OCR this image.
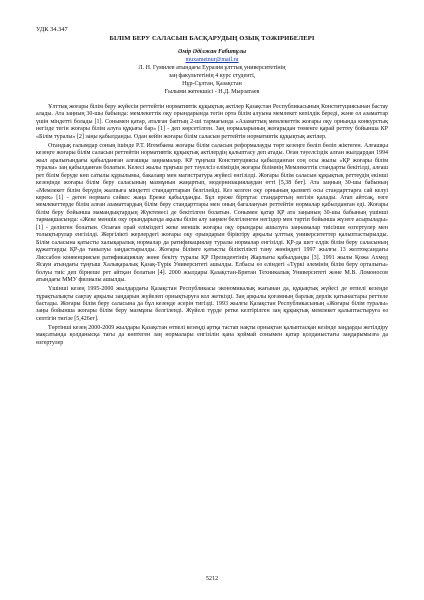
УДК 34.347
БІЛІМ БЕРУ САЛАСЫН БАСҚАРУДЫҢ ОЗЫҚ ТӘЖІРИБЕЛЕРІ
Әмір Әділжан Ғабитұлы
muxametnur@mail.ru
Л. Н. Гумилев атындағы Еуразия ұлттық университетінің
заң факультетінің 4 курс студенті,
Нұр-Сұлтан, Қазақстан
Ғылыми жетекшісі - Н.Д. Мырзатаев

Ұлттық жоғары білім беру жүйесін реттейтін нормативтік құқықтық актілер Қазақстан Республикасының Конституциясынан бастау алады. Ата заңның 30-шы бабында: мемлекеттік оқу орындарында тегін орта білім алуына мемлекет кепілдік береді, және ол азаматтар үшін міндетті болады [1]. Сонымен қатар, аталған баптың 2-ші тармағында «Азаматтың мемлекеттік жоғары оқу орнында конкурстық негізде тегін жоғары білім алуға құқығы бар» [1] - деп көрсетілген. Заң нормаларының жоғарыдан төменге қарай реттеу бойынша КР «Білім туралы» [2] заңы қабылданды. Одан кейін жоғары білім саласын реттейтін нормативтік құқықтық актілер.

Отандық ғалымдар соның ішінде Р.Т. Игембаева жоғары білім саласын реформалауды төрт кезеңге бөліп бөліп жіктеген. Алғашқы кезеңге жоғары білім саласын реттейтін нормативтік құқықтық актілердің қалыптасу деп атады. Оған тәуелсіздік алған жылдардан 1994 жыл аралығындағы қабылданған алғашқы заңнамалар. КР тұңғыш Конституциясы қабылданған соң осы жылы «ҚР жоғары білім туралы» заң қабылданған болатын. Келесі жылы тұңғыш рет тәуелсіз еліміздің жоғары білімнің Мемлекеттік стандарты бекітілді, алғаш рет білім беруде көп сатылы құрылымы, бакалавр мен магистратура жүйесі енгізілді. Жоғары білім саласын құқықтық реттеудің екінші кезеңінде жоғары білім беру саласының мазмұнын жаңартып, модернизациялаудан өтті [5,38 бет]. Ата заңның 30-шы бабының «Мемлекет білім берудің жалпыға міндетті стандарттарын белгілейді. Кез келген оқу орнының қызметі осы стандарттарға сай келуі керек» [1] - деген нормаға сәйкес жаңа Ереже қабылданды. Бұл ереже біртұтас стандарттың негізін қалады. Атап айтсақ, өзге мемлекеттерде білім алған азаматтардың білім беру стандарттары мен оның бағалануын реттейтін нормалар қабылданған еді. Жоғары білім беру бойынша мамандықтардың Жүктемесі де бекітілген болатын. Сонымен қатар ҚР ата заңының 30-шы бабының үшінші тармақшасында: «Жеке меншік оқу орындарында ақылы білім алу заңмен белгіленген негіздер мен тәртіп бойынша жүзеге асырылады» [1] - делінген болатын. Осыған орай еліміздегі жеке меншік жоғары оқу орындары ашылуға заңнамалар тиісінше өзгертулер мен толықтырулар енгізілді. Жергілікті жерлердегі жоғары оқу орындарын біріктіру арқылы ұлттық университеттер қалыптастырылды. Білім саласына қатысты халықаралық нормалар да ратификациялау туралы нормалар енгізілді. ҚР-да шет елдік білім беру саласының құжаттарды ҚР-да танылуы заңдастырылды. Жоғары білімге қатысты біліктілікті тану жөніндегі 1997 жылғы 13 желтоқсандағы Лиссабон конвенциясын ратификациялау жөне бекіту туралы ҚР Президентінің Жарлығы қабылданды [3]. 1991 жылы Қожа Ахмед Ясауи атындағы тұңғыш Халықаралық Қазақ-Түрік Университеті ашылды. Елбасы өз еліндегі «Түркі әлемінің білім беру орталығы» болуы тиіс деп бірнеше рет айтқан болатын [4]. 2000 жылдары Қазақстан-Британ Техникалық Университеті және М.В. Ломоносов атындағы ММУ филиалы ашылды.

Үшінші кезең 1995-2000 жылдардағы Қазақстан Республикасы экономикалық жағынан да, құқықтық жүйесі де өтпелі кезеңде тұрақтылықты сақтау арқылы заңдарын жүйелеп орнықтыруға кол жеткізді. Заң арқылы қоғамның барлық дерлік қатынастары реттеле бастады. Жоғары білім беру саласына да бұл кезеңде әсерін тигізді. 1993 жылғы Қазақстан Республикасының «Жоғары білім туралы» заңы бойынша жоғары білім беру мазмұны белгіленді. Жүйелі түрде ретке келтірілген заң құқықтық мемлекет қалыптастыруға өз септігін тигізе [5,426ет].

Төртінші кезең 2000-2009 жылдары Қазақстан өтпелі кезеңді артқа тастап нақты орнықтан қалыптасқан кезінде заңдарды жетілдіру мақсатында қолданысқа тағы да көптеген заң нормалары енгізілін қана қоймай сонымен қатар қолданыстағы заңдарымызға да өзгертулер

5212
